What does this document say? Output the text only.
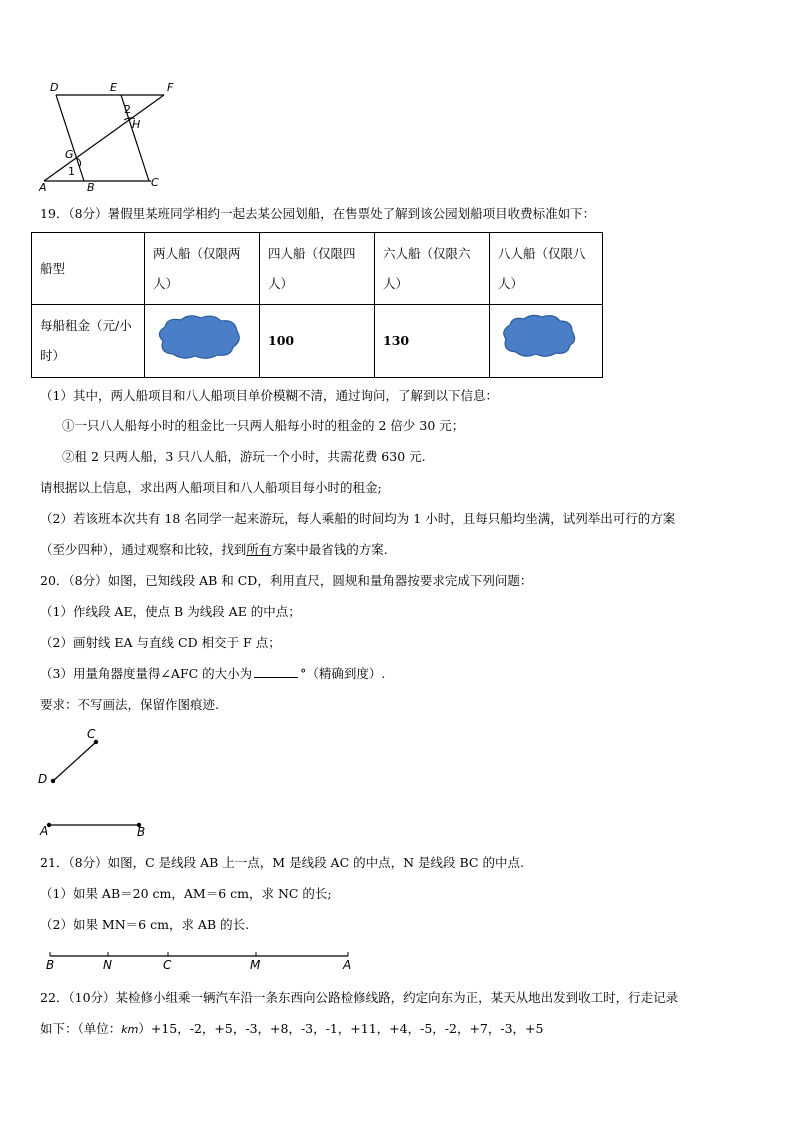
D	E	F
2
H
G
1
A	B	C
19．（8分）暑假里某班同学相约一起去某公园划船，在售票处了解到该公园划船项目收费标准如下：
船型	两人船（仅限两人）	四人船（仅限四人）	六人船（仅限六人）	八人船（仅限八人）
每船租金（元/小时）		100	130	
（1）其中，两人船项目和八人船项目单价模糊不清，通过询问，了解到以下信息：
①一只八人船每小时的租金比一只两人船每小时的租金的 2 倍少 30 元；
②租 2 只两人船，3 只八人船，游玩一个小时，共需花费 630 元.
请根据以上信息，求出两人船项目和八人船项目每小时的租金;
（2）若该班本次共有 18 名同学一起来游玩，每人乘船的时间均为 1 小时，且每只船均坐满，试列举出可行的方案
（至少四种），通过观察和比较，找到所有方案中最省钱的方案.
20．（8分）如图，已知线段 AB 和 CD，利用直尺，圆规和量角器按要求完成下列问题：
（1）作线段 AE，使点 B 为线段 AE 的中点；
（2）画射线 EA 与直线 CD 相交于 F 点；
（3）用量角器度量得∠AFC 的大小为	°（精确到度）.
要求：不写画法，保留作图痕迹.
C
D
A	B
21．（8分）如图，C 是线段 AB 上一点，M 是线段 AC 的中点，N 是线段 BC 的中点.
（1）如果 AB＝20 cm，AM＝6 cm，求 NC 的长;
（2）如果 MN＝6 cm，求 AB 的长.
B	N	C	M	A
22．（10分）某检修小组乘一辆汽车沿一条东西向公路检修线路，约定向东为正，某天从地出发到收工时，行走记录
如下：（单位：km）+15，-2，+5，-3，+8，-3，-1，+11，+4，-5，-2，+7，-3，+5
